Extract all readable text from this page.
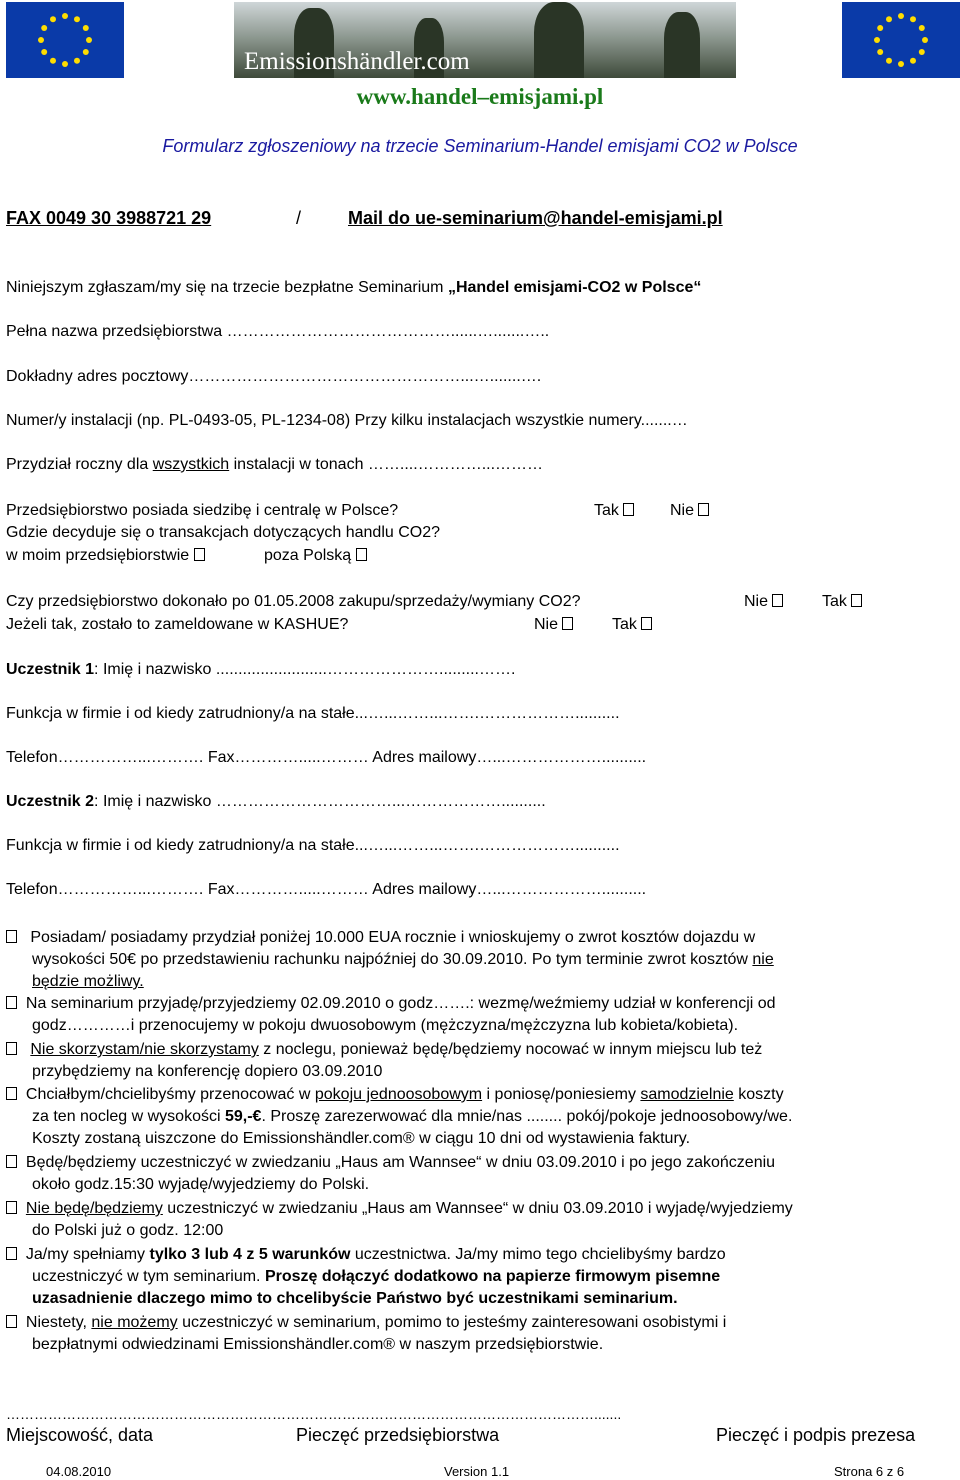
Emissionshändler.com
www.handel–emisjami.pl
Formularz zgłoszeniowy na trzecie Seminarium-Handel emisjami CO2 w Polsce
FAX 0049 30 3988721 29	/	Mail do ue-seminarium@handel-emisjami.pl
Niniejszym zgłaszam/my się na trzecie bezpłatne Seminarium „Handel emisjami-CO2 w Polsce“
Pełna nazwa przedsiębiorstwa ……………………………………......….......…..
Dokładny adres pocztowy……………………………………………...….......….
Numer/y instalacji (np. PL-0493-05, PL-1234-08) Przy kilku instalacjach wszystkie numery.......…
Przydział roczny dla wszystkich instalacji w tonach ……....…………...………
Przedsiębiorstwo posiada siedzibę i centralę w Polsce?	Tak	Nie
Gdzie decyduje się o transakcjach dotyczących handlu CO2?
w moim przedsiębiorstwie	poza Polską
Czy przedsiębiorstwo dokonało po 01.05.2008 zakupu/sprzedaży/wymiany CO2?	Nie	Tak
Jeżeli tak, zostało to zameldowane w KASHUE?	Nie	Tak
Uczestnik 1: Imię i nazwisko .........................………………….........…….
Funkcja w firmie i od kiedy zatrudniony/a na stałe...…...……...…….………………..........
Telefon……………...………. Fax………….....……… Adres mailowy…...………………..........
Uczestnik 2: Imię i nazwisko ……………………………...………………..........
Funkcja w firmie i od kiedy zatrudniony/a na stałe...…...……...…….………………..........
Telefon……………...………. Fax………….....……… Adres mailowy…...………………..........
Posiadam/ posiadamy przydział poniżej 10.000 EUA rocznie i wnioskujemy o zwrot kosztów dojazdu w
wysokości 50€ po przedstawieniu rachunku najpóźniej do 30.09.2010. Po tym terminie zwrot kosztów nie
będzie możliwy.
Na seminarium przyjadę/przyjedziemy 02.09.2010 o godz…….: wezmę/weźmiemy udział w konferencji od
godz…………i przenocujemy w pokoju dwuosobowym (mężczyzna/mężczyzna lub kobieta/kobieta).
Nie skorzystam/nie skorzystamy z noclegu, ponieważ będę/będziemy nocować w innym miejscu lub też
przybędziemy na konferencję dopiero 03.09.2010
Chciałbym/chcielibyśmy przenocować w pokoju jednoosobowym i poniosę/poniesiemy samodzielnie koszty
za ten nocleg w wysokości 59,-€. Proszę zarezerwować dla mnie/nas ........ pokój/pokoje jednoosobowy/we.
Koszty zostaną uiszczone do Emissionshändler.com® w ciągu 10 dni od wystawienia faktury.
Będę/będziemy uczestniczyć w zwiedzaniu „Haus am Wannsee“ w dniu 03.09.2010 i po jego zakończeniu
około godz.15:30 wyjadę/wyjedziemy do Polski.
Nie będę/będziemy uczestniczyć w zwiedzaniu „Haus am Wannsee“ w dniu 03.09.2010 i wyjadę/wyjedziemy
do Polski już o godz. 12:00
Ja/my spełniamy tylko 3 lub 4 z 5 warunków uczestnictwa. Ja/my mimo tego chcielibyśmy bardzo
uczestniczyć w tym seminarium. Proszę dołączyć dodatkowo na papierze firmowym pisemne
uzasadnienie dlaczego mimo to chcelibyście Państwo być uczestnikami seminarium.
Niestety, nie możemy uczestniczyć w seminarium, pomimo to jesteśmy zainteresowani osobistymi i
bezpłatnymi odwiedzinami Emissionshändler.com® w naszym przedsiębiorstwie.
……………………………………………………………………………………………………………….......
Miejscowość, data	Pieczęć przedsiębiorstwa	Pieczęć i podpis prezesa
04.08.2010	Version 1.1	Strona 6 z 6
